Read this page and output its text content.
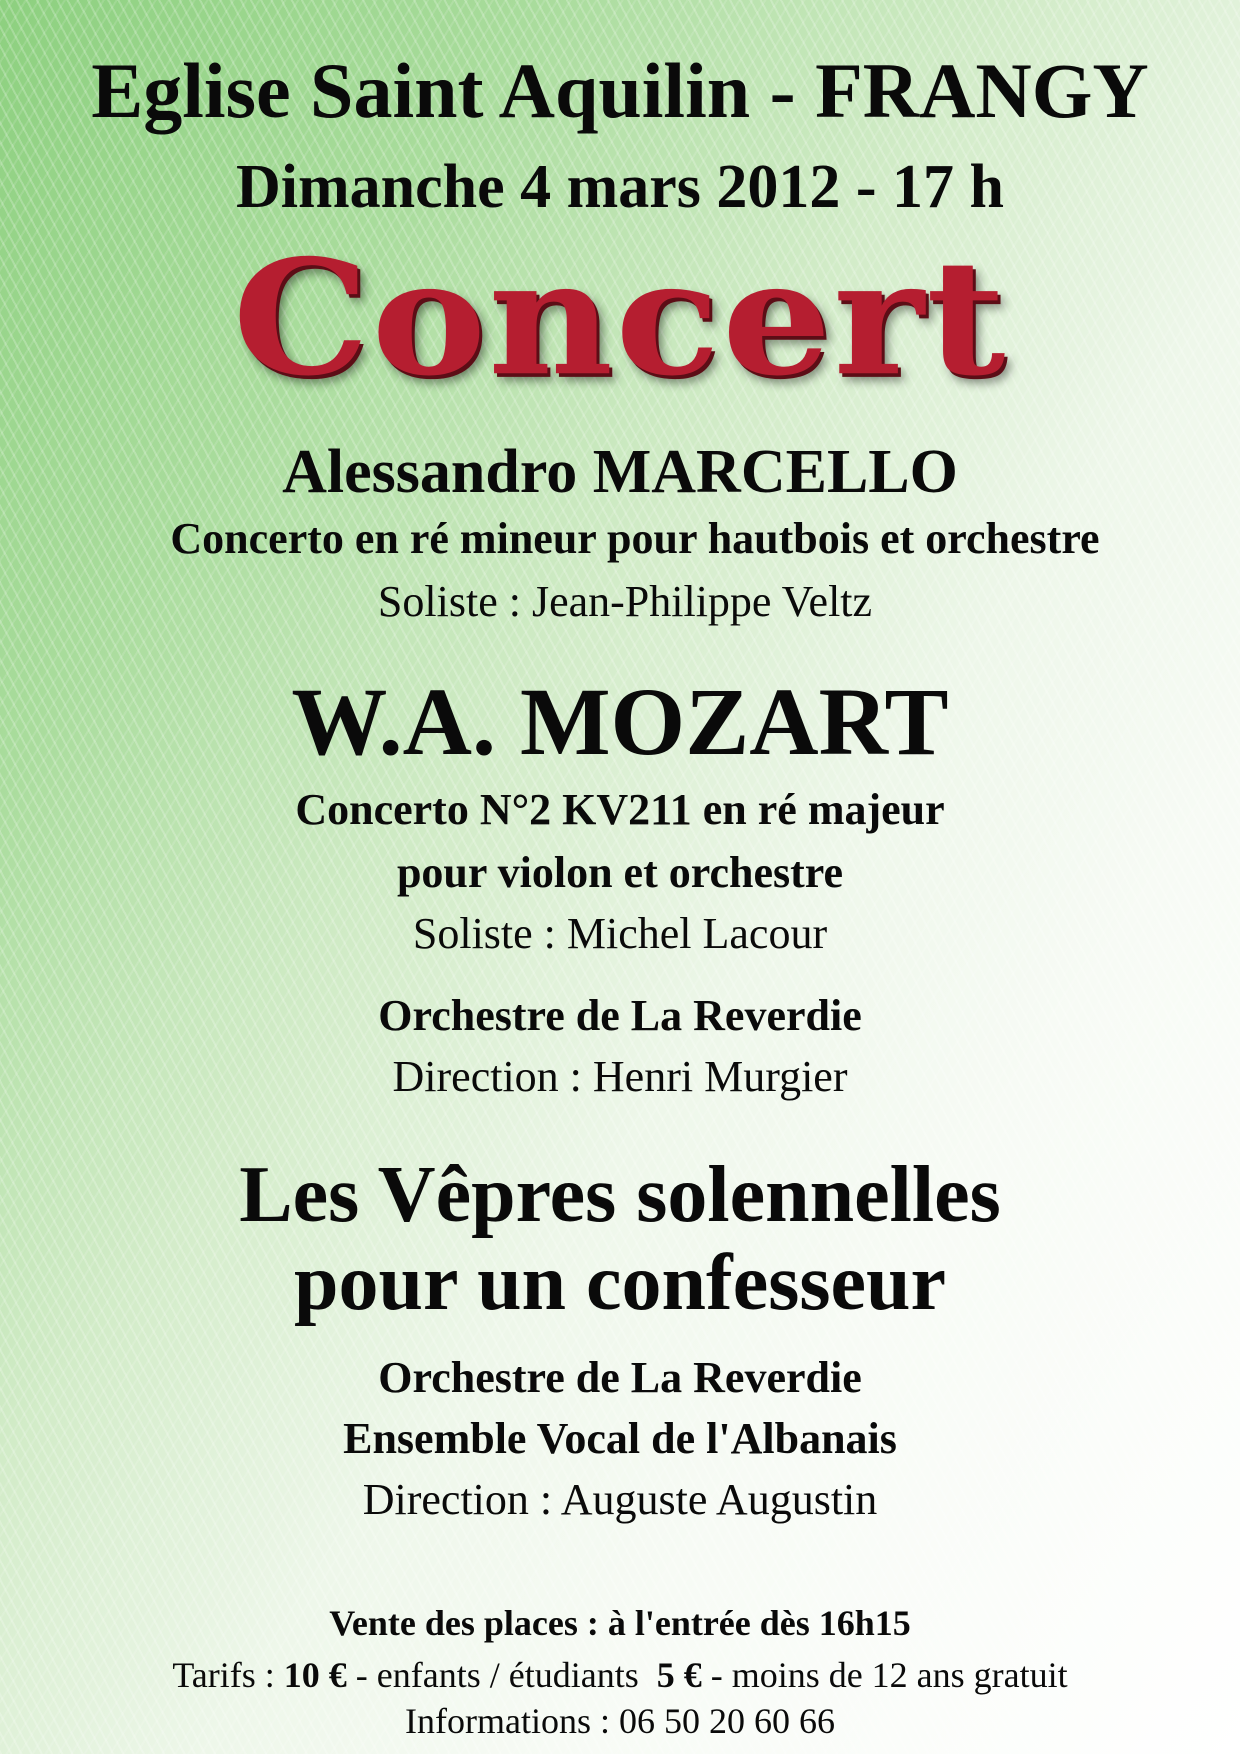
Eglise Saint Aquilin - FRANGY

Dimanche 4 mars 2012 - 17 h

Concert

Alessandro MARCELLO

Concerto en ré mineur pour hautbois et orchestre

Soliste : Jean-Philippe Veltz

W.A. MOZART

Concerto N°2 KV211 en ré majeur

pour violon et orchestre

Soliste : Michel Lacour

Orchestre de La Reverdie

Direction : Henri Murgier

Les Vêpres solennelles

pour un confesseur

Orchestre de La Reverdie

Ensemble Vocal de l'Albanais

Direction : Auguste Augustin

Vente des places : à l'entrée dès 16h15

Tarifs : 10 € - enfants / étudiants  5 € - moins de 12 ans gratuit

Informations : 06 50 20 60 66
